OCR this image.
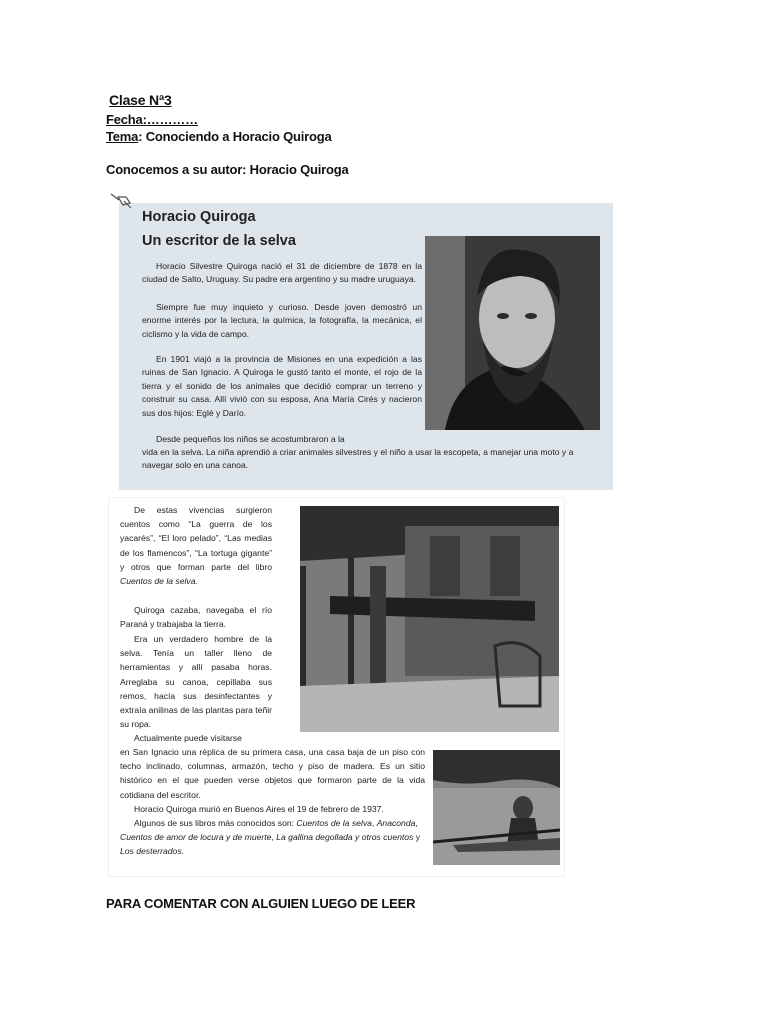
Clase Nª3
Fecha:…………
Tema: Conociendo a Horacio Quiroga
Conocemos a su autor: Horacio Quiroga
Horacio Quiroga
Un escritor de la selva

Horacio Silvestre Quiroga nació el 31 de diciembre de 1878 en la ciudad de Salto, Uruguay. Su padre era argentino y su madre uruguaya.

Siempre fue muy inquieto y curioso. Desde joven demostró un enorme interés por la lectura, la química, la fotografía, la mecánica, el ciclismo y la vida de campo.

En 1901 viajó a la provincia de Misiones en una expedición a las ruinas de San Ignacio. A Quiroga le gustó tanto el monte, el rojo de la tierra y el sonido de los animales que decidió comprar un terreno y construir su casa. Allí vivió con su esposa, Ana María Cirés y nacieron sus dos hijos: Eglé y Darío.

Desde pequeños los niños se acostumbraron a la

vida en la selva. La niña aprendió a criar animales silvestres y el niño a usar la escopeta, a manejar una moto y a navegar solo en una canoa.

De estas vivencias surgieron cuentos como “La guerra de los yacarés”, “El loro pelado”, “Las medias de los flamencos”, “La tortuga gigante” y otros que forman parte del libro Cuentos de la selva.

Quiroga cazaba, navegaba el río Paraná y trabajaba la tierra.

Era un verdadero hombre de la selva. Tenía un taller lleno de herramientas y allí pasaba horas. Arreglaba su canoa, cepillaba sus remos, hacía sus desinfectantes y extraía anilinas de las plantas para teñir su ropa.

Actualmente puede visitarse

en San Ignacio una réplica de su primera casa, una casa baja de un piso con techo inclinado, columnas, armazón, techo y piso de madera. Es un sitio histórico en el que pueden verse objetos que formaron parte de la vida cotidiana del escritor.

Horacio Quiroga murió en Buenos Aires el 19 de febrero de 1937.

Algunos de sus libros más conocidos son: Cuentos de la selva, Anaconda, Cuentos de amor de locura y de muerte, La gallina degollada y otros cuentos y Los desterrados.

PARA COMENTAR CON ALGUIEN LUEGO DE LEER
